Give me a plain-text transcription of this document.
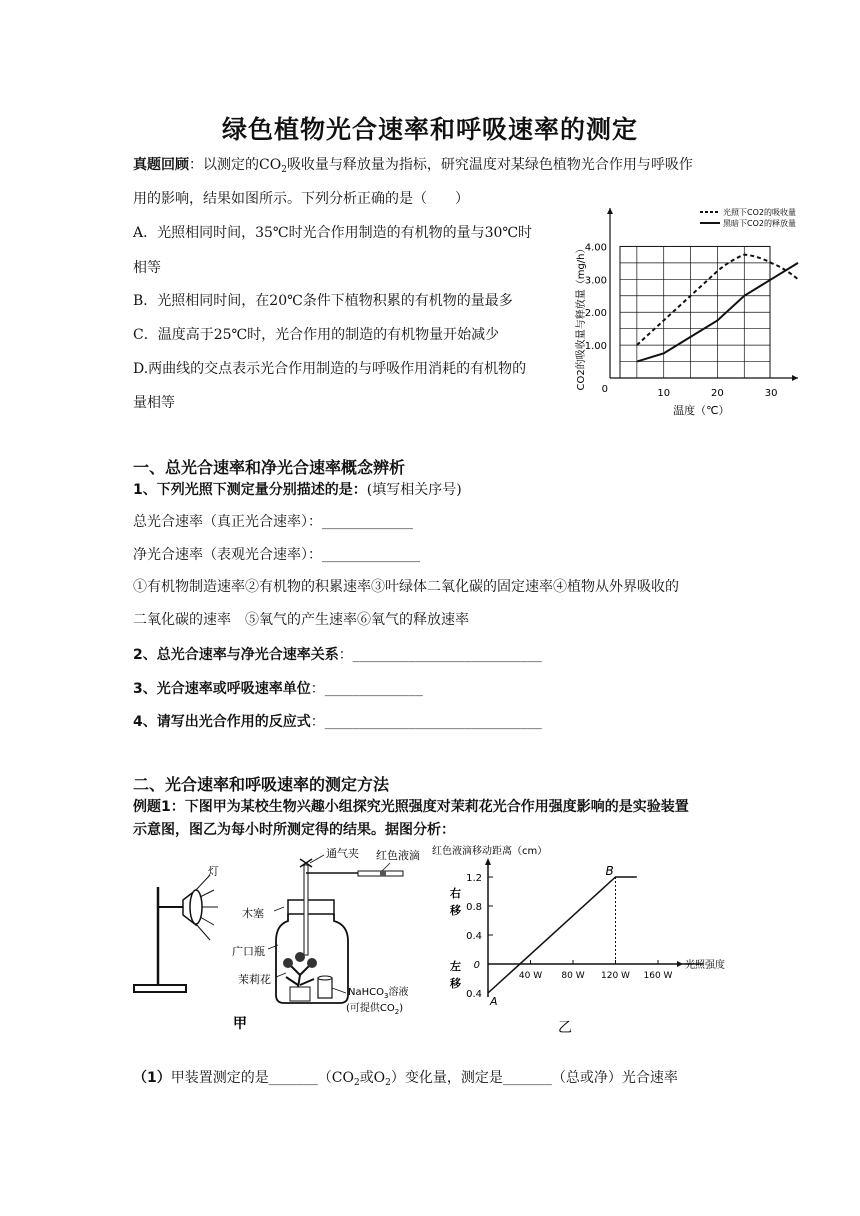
绿色植物光合速率和呼吸速率的测定
真题回顾：以测定的$CO_2$吸收量与释放量为指标，研究温度对某绿色植物光合作用与呼吸作
用的影响，结果如图所示。下列分析正确的是（　　）
A．光照相同时间，35℃时光合作用制造的有机物的量与30℃时
相等
B．光照相同时间，在20℃条件下植物积累的有机物的量最多
C．温度高于25℃时，光合作用的制造的有机物量开始减少
D.两曲线的交点表示光合作用制造的与呼吸作用消耗的有机物的
量相等
1.00
2.00
3.00
4.00
10	20	30
0
温度（℃）
CO2的吸收量与释放量（mg/h）
光照下CO2的吸收量
黑暗下CO2的释放量
一、总光合速率和净光合速率概念辨析
1、下列光照下测定量分别描述的是：(填写相关序号)
总光合速率（真正光合速率）：_____________
净光合速率（表观光合速率）：______________
①有机物制造速率②有机物的积累速率③叶绿体二氧化碳的固定速率④植物从外界吸收的
二氧化碳的速率　⑤氧气的产生速率⑥氧气的释放速率
2、总光合速率与净光合速率关系：___________________________
3、光合速率或呼吸速率单位：______________
4、请写出光合作用的反应式：_______________________________
二、光合速率和呼吸速率的测定方法
例题1：下图甲为某校生物兴趣小组探究光照强度对茉莉花光合作用强度影响的是实验装置
示意图，图乙为每小时所测定得的结果。据图分析：
灯
通气夹 红色液滴
木塞
广口瓶
茉莉花
NaHCO$_3$溶液
(可提供$CO_2$)
甲
0.4
0.8
1.2
0.4
40 W 80 W 120 W 160 W
0	光照强度
红色液滴移动距离（cm）
右
移
左
移
A
B
乙
（1）甲装置测定的是$\_\_\_\_\_\_\_(CO_2$或$O_2$）变化量，测定是_______（总或净）光合速率
